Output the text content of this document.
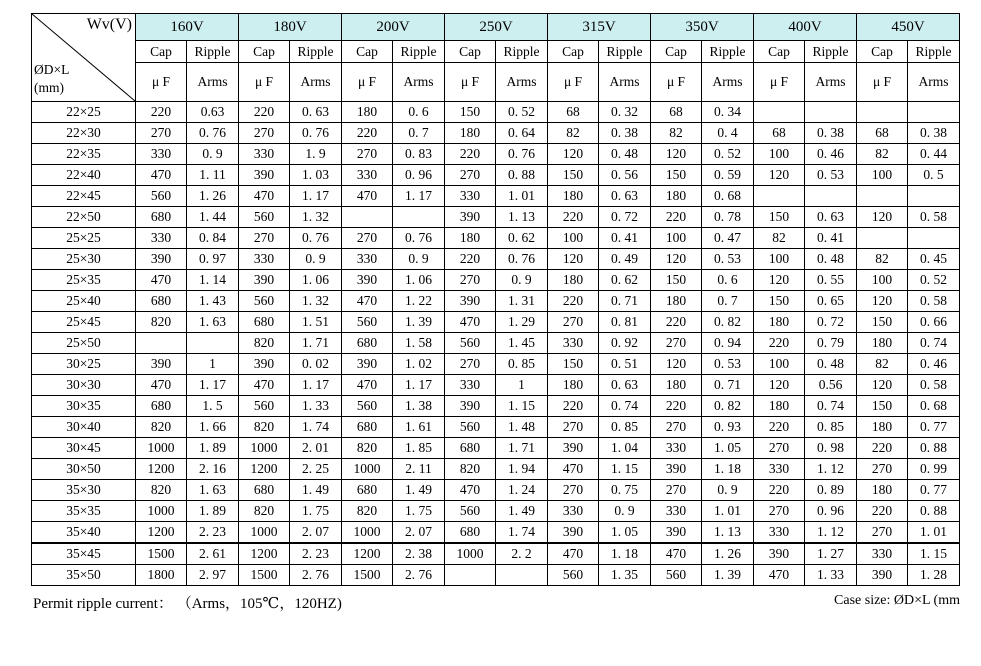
Wv(V)
ØD×L
(mm)	160V		180V		200V		250V		315V		350V		400V		450V	
	Cap	Ripple	Cap	Ripple	Cap	Ripple	Cap	Ripple	Cap	Ripple	Cap	Ripple	Cap	Ripple	Cap	Ripple
	μ F	Arms	μ F	Arms	μ F	Arms	μ F	Arms	μ F	Arms	μ F	Arms	μ F	Arms	μ F	Arms
22×25	220	0.63	220	0. 63	180	0. 6	150	0. 52	68	0. 32	68	0. 34				
22×30	270	0. 76	270	0. 76	220	0. 7	180	0. 64	82	0. 38	82	0. 4	68	0. 38	68	0. 38
22×35	330	0. 9	330	1. 9	270	0. 83	220	0. 76	120	0. 48	120	0. 52	100	0. 46	82	0. 44
22×40	470	1. 11	390	1. 03	330	0. 96	270	0. 88	150	0. 56	150	0. 59	120	0. 53	100	0. 5
22×45	560	1. 26	470	1. 17	470	1. 17	330	1. 01	180	0. 63	180	0. 68				
22×50	680	1. 44	560	1. 32			390	1. 13	220	0. 72	220	0. 78	150	0. 63	120	0. 58
25×25	330	0. 84	270	0. 76	270	0. 76	180	0. 62	100	0. 41	100	0. 47	82	0. 41		
25×30	390	0. 97	330	0. 9	330	0. 9	220	0. 76	120	0. 49	120	0. 53	100	0. 48	82	0. 45
25×35	470	1. 14	390	1. 06	390	1. 06	270	0. 9	180	0. 62	150	0. 6	120	0. 55	100	0. 52
25×40	680	1. 43	560	1. 32	470	1. 22	390	1. 31	220	0. 71	180	0. 7	150	0. 65	120	0. 58
25×45	820	1. 63	680	1. 51	560	1. 39	470	1. 29	270	0. 81	220	0. 82	180	0. 72	150	0. 66
25×50			820	1. 71	680	1. 58	560	1. 45	330	0. 92	270	0. 94	220	0. 79	180	0. 74
30×25	390	1	390	0. 02	390	1. 02	270	0. 85	150	0. 51	120	0. 53	100	0. 48	82	0. 46
30×30	470	1. 17	470	1. 17	470	1. 17	330	1	180	0. 63	180	0. 71	120	0.56	120	0. 58
30×35	680	1. 5	560	1. 33	560	1. 38	390	1. 15	220	0. 74	220	0. 82	180	0. 74	150	0. 68
30×40	820	1. 66	820	1. 74	680	1. 61	560	1. 48	270	0. 85	270	0. 93	220	0. 85	180	0. 77
30×45	1000	1. 89	1000	2. 01	820	1. 85	680	1. 71	390	1. 04	330	1. 05	270	0. 98	220	0. 88
30×50	1200	2. 16	1200	2. 25	1000	2. 11	820	1. 94	470	1. 15	390	1. 18	330	1. 12	270	0. 99
35×30	820	1. 63	680	1. 49	680	1. 49	470	1. 24	270	0. 75	270	0. 9	220	0. 89	180	0. 77
35×35	1000	1. 89	820	1. 75	820	1. 75	560	1. 49	330	0. 9	330	1. 01	270	0. 96	220	0. 88
35×40	1200	2. 23	1000	2. 07	1000	2. 07	680	1. 74	390	1. 05	390	1. 13	330	1. 12	270	1. 01
35×45	1500	2. 61	1200	2. 23	1200	2. 38	1000	2. 2	470	1. 18	470	1. 26	390	1. 27	330	1. 15
35×50	1800	2. 97	1500	2. 76	1500	2. 76			560	1. 35	560	1. 39	470	1. 33	390	1. 28
Permit ripple current： （Arms，105℃，120HZ)	Case size: ØD×L (mm
